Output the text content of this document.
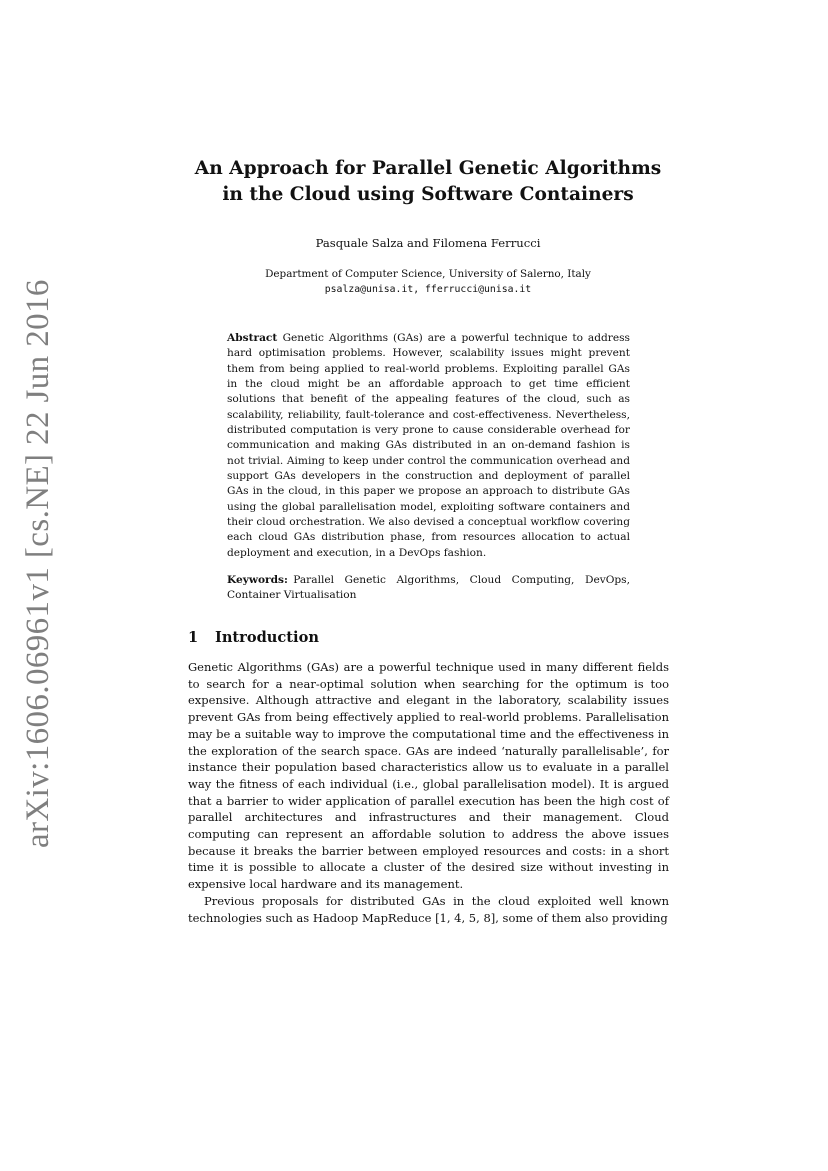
arXiv:1606.06961v1 [cs.NE] 22 Jun 2016
An Approach for Parallel Genetic Algorithms
in the Cloud using Software Containers
Pasquale Salza and Filomena Ferrucci
Department of Computer Science, University of Salerno, Italy
psalza@unisa.it, fferrucci@unisa.it
Abstract  Genetic Algorithms (GAs) are a powerful technique to address hard optimisation problems. However, scalability issues might prevent them from being applied to real-world problems. Exploiting parallel GAs in the cloud might be an affordable approach to get time efficient solutions that benefit of the appealing features of the cloud, such as scalability, reliability, fault-tolerance and cost-effectiveness. Nevertheless, distributed computation is very prone to cause considerable overhead for communication and making GAs distributed in an on-demand fashion is not trivial. Aiming to keep under control the communication overhead and support GAs developers in the construction and deployment of parallel GAs in the cloud, in this paper we propose an approach to distribute GAs using the global parallelisation model, exploiting software containers and their cloud orchestration. We also devised a conceptual workflow covering each cloud GAs distribution phase, from resources allocation to actual deployment and execution, in a DevOps fashion.
Keywords:  Parallel Genetic Algorithms, Cloud Computing, DevOps, Container Virtualisation
1 Introduction

Genetic Algorithms (GAs) are a powerful technique used in many different fields to search for a near-optimal solution when searching for the optimum is too expensive. Although attractive and elegant in the laboratory, scalability issues prevent GAs from being effectively applied to real-world problems. Parallelisation may be a suitable way to improve the computational time and the effectiveness in the exploration of the search space. GAs are indeed ‘naturally parallelisable’, for instance their population based characteristics allow us to evaluate in a parallel way the fitness of each individual (i.e., global parallelisation model). It is argued that a barrier to wider application of parallel execution has been the high cost of parallel architectures and infrastructures and their management. Cloud computing can represent an affordable solution to address the above issues because it breaks the barrier between employed resources and costs: in a short time it is possible to allocate a cluster of the desired size without investing in expensive local hardware and its management.

Previous proposals for distributed GAs in the cloud exploited well known technologies such as Hadoop MapReduce [1, 4, 5, 8], some of them also providing
